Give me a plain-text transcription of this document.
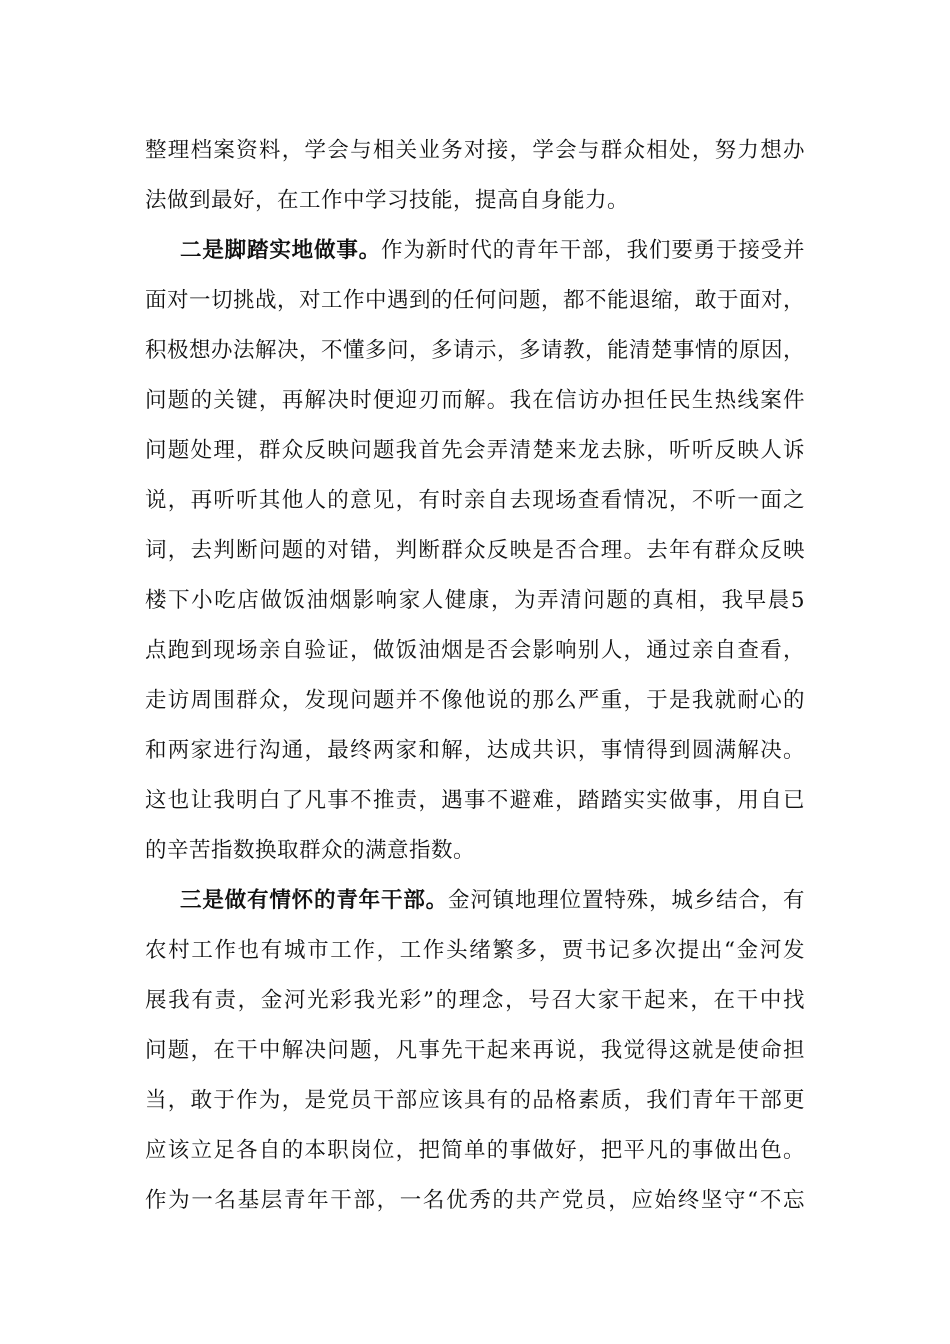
整理档案资料，学会与相关业务对接，学会与群众相处，努力想办
法做到最好，在工作中学习技能，提高自身能力。
二是脚踏实地做事。作为新时代的青年干部，我们要勇于接受并
面对一切挑战，对工作中遇到的任何问题，都不能退缩，敢于面对，
积极想办法解决，不懂多问，多请示，多请教，能清楚事情的原因，
问题的关键，再解决时便迎刃而解。我在信访办担任民生热线案件
问题处理，群众反映问题我首先会弄清楚来龙去脉，听听反映人诉
说，再听听其他人的意见，有时亲自去现场查看情况，不听一面之
词，去判断问题的对错，判断群众反映是否合理。去年有群众反映
楼下小吃店做饭油烟影响家人健康，为弄清问题的真相，我早晨5
点跑到现场亲自验证，做饭油烟是否会影响别人，通过亲自查看，
走访周围群众，发现问题并不像他说的那么严重，于是我就耐心的
和两家进行沟通，最终两家和解，达成共识，事情得到圆满解决。
这也让我明白了凡事不推责，遇事不避难，踏踏实实做事，用自已
的辛苦指数换取群众的满意指数。
三是做有情怀的青年干部。金河镇地理位置特殊，城乡结合，有
农村工作也有城市工作，工作头绪繁多，贾书记多次提出“金河发
展我有责，金河光彩我光彩”的理念，号召大家干起来，在干中找
问题，在干中解决问题，凡事先干起来再说，我觉得这就是使命担
当，敢于作为，是党员干部应该具有的品格素质，我们青年干部更
应该立足各自的本职岗位，把简单的事做好，把平凡的事做出色。
作为一名基层青年干部，一名优秀的共产党员，应始终坚守“不忘
